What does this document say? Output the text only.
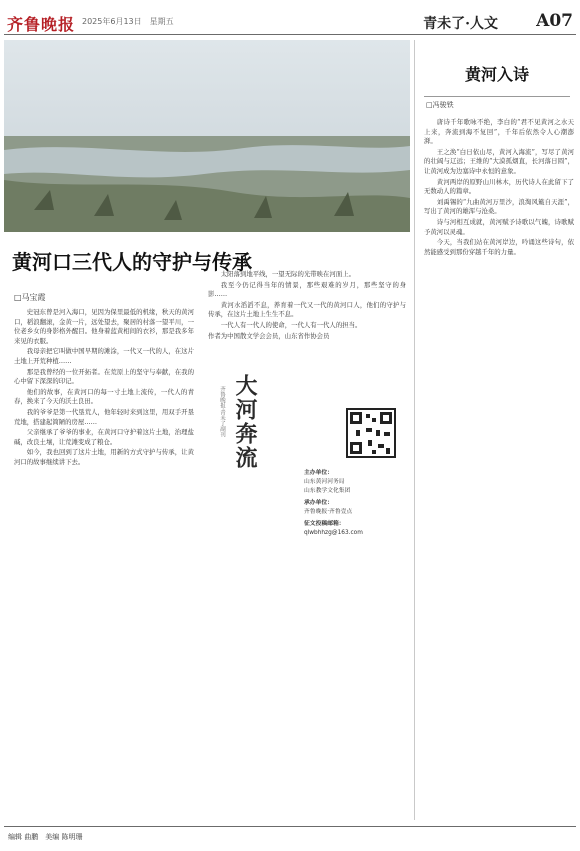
齐鲁晚报 2025年6月13日　星期五	青未了·人文 A07
黄河口三代人的守护与传承
□马宝霞

史冠东曾是河入海口，见因为保里最低的机缘，秋天的黄河口，稻浪翻滚，金黄一片，远处望去，聚居的村落一望平川，一位老乡女的身影格外醒目。他身着蓝黄相间的衣衫，那是我多年来见的衣服。

我母亲把它叫做中国早期的滩涂，一代又一代的人，在这片土地上开荒种植……

那是我曾经的一位开拓者。在荒原上的坚守与奉献，在我的心中留下深深的印记。

他们的故事，在黄河口的每一寸土地上流传，一代人的青春，换来了今天的沃土良田。

我的爷爷是第一代垦荒人，他年轻时来到这里，用双手开垦荒地，搭建起简陋的房屋……

父亲继承了爷爷的事业，在黄河口守护着这片土地，治理盐碱，改良土壤，让荒滩变成了粮仓。

如今，我也回到了这片土地，用新的方式守护与传承，让黄河口的故事继续讲下去。

太阳落到地平线，一望无际的光带映在河面上。

我至今仍记得当年的情景，那些艰难的岁月，那些坚守的身影……

黄河水滔滔不息，养育着一代又一代的黄河口人，他们的守护与传承，在这片土地上生生不息。

一代人有一代人的使命，一代人有一代人的担当。

作者为中国散文学会会员，山东省作协会员

大河奔流
齐鲁晚报·青未了副刊
主办单位：
山东黄河河务局
山东教学文化集团
承办单位：
齐鲁晚报·齐鲁壹点
征文投稿邮箱：
qlwbhhzg@163.com
黄河入诗
□冯骏铁

唐诗千年歌咏不绝，李白的“君不见黄河之水天上来，奔流到海不复回”，千年后依然令人心潮澎湃。

王之涣“白日依山尽，黄河入海流”，写尽了黄河的壮阔与辽远；王维的“大漠孤烟直，长河落日圆”，让黄河成为边塞诗中永恒的意象。

黄河两岸的原野山川林木，历代诗人在此留下了无数动人的篇章。

刘禹锡的“九曲黄河万里沙，浪淘风簸自天涯”，写出了黄河的雄浑与沧桑。

诗与河相互成就，黄河赋予诗歌以气魄，诗歌赋予黄河以灵魂。

今天，当我们站在黄河岸边，吟诵这些诗句，依然能感受到那份穿越千年的力量。

编辑 曲鹏　美编 陈明珊
